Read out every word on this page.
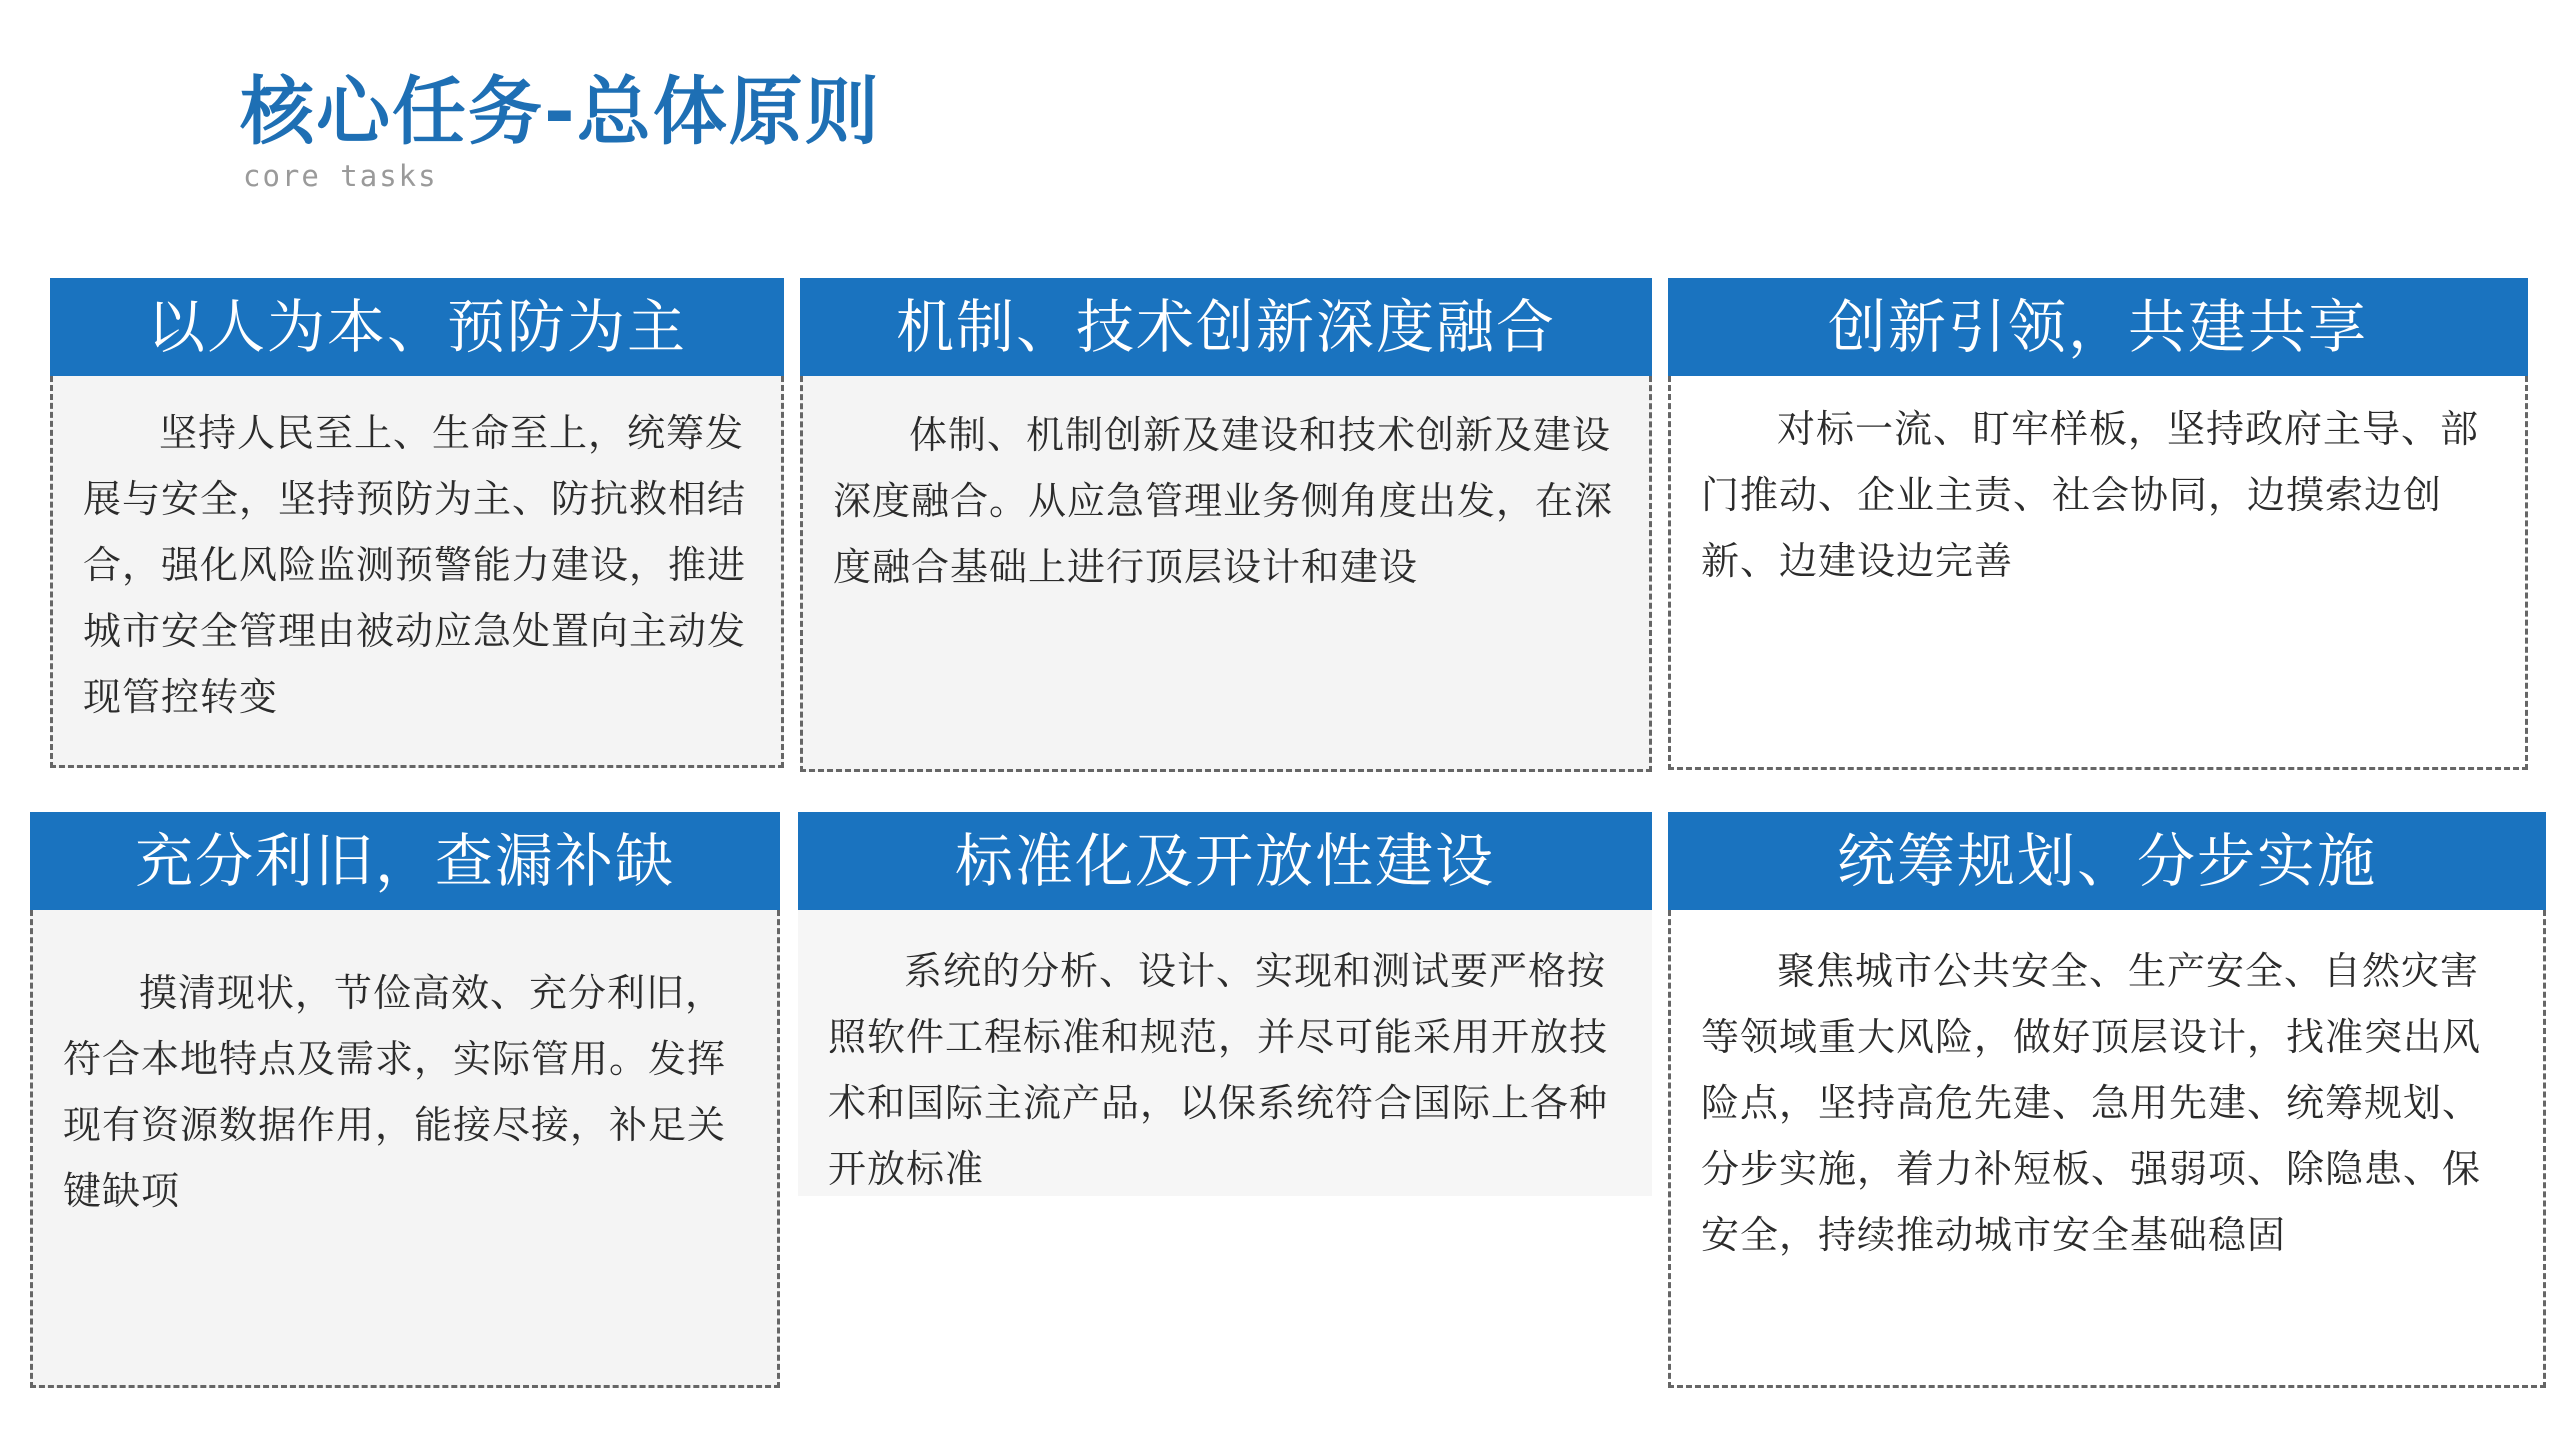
核心任务-总体原则
core tasks
以人为本、预防为主

坚持人民至上、生命至上，统筹发展与安全，坚持预防为主、防抗救相结合，强化风险监测预警能力建设，推进城市安全管理由被动应急处置向主动发现管控转变

机制、技术创新深度融合

体制、机制创新及建设和技术创新及建设深度融合。从应急管理业务侧角度出发，在深度融合基础上进行顶层设计和建设

创新引领，共建共享

对标一流、盯牢样板，坚持政府主导、部门推动、企业主责、社会协同，边摸索边创新、边建设边完善

充分利旧，查漏补缺

摸清现状，节俭高效、充分利旧，符合本地特点及需求，实际管用。发挥现有资源数据作用，能接尽接，补足关键缺项

标准化及开放性建设

系统的分析、设计、实现和测试要严格按照软件工程标准和规范，并尽可能采用开放技术和国际主流产品，以保系统符合国际上各种开放标准

统筹规划、分步实施

聚焦城市公共安全、生产安全、自然灾害等领域重大风险，做好顶层设计，找准突出风险点，坚持高危先建、急用先建、统筹规划、分步实施，着力补短板、强弱项、除隐患、保安全，持续推动城市安全基础稳固
